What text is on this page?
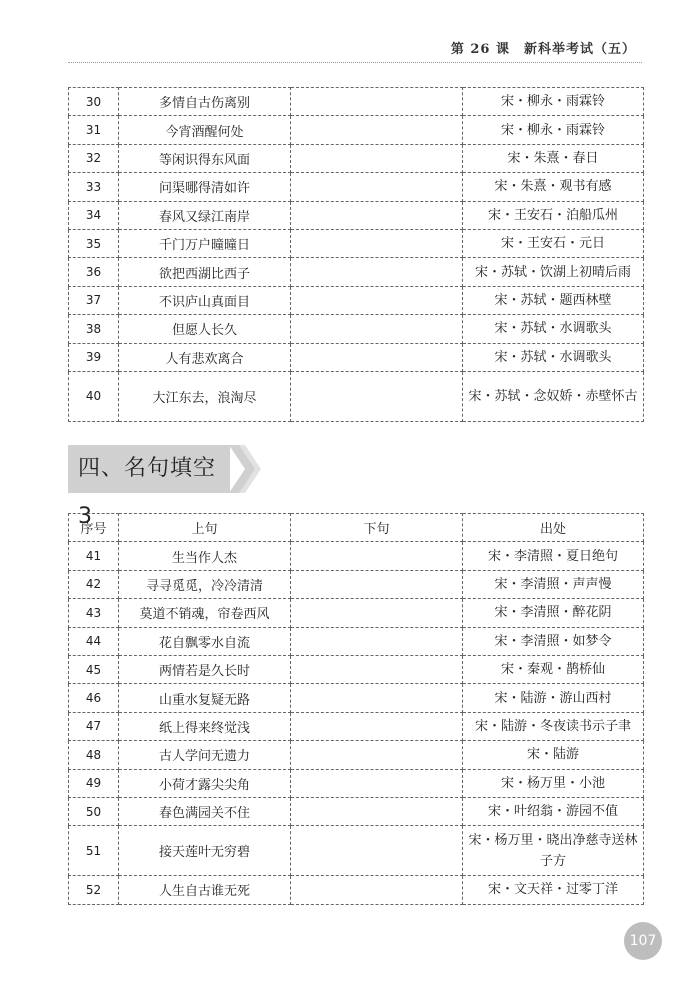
第 26 课　新科举考试（五）
30	多情自古伤离别		宋・柳永・雨霖铃
31	今宵酒醒何处		宋・柳永・雨霖铃
32	等闲识得东风面		宋・朱熹・春日
33	问渠哪得清如许		宋・朱熹・观书有感
34	春风又绿江南岸		宋・王安石・泊船瓜州
35	千门万户曈曈日		宋・王安石・元日
36	欲把西湖比西子		宋・苏轼・饮湖上初晴后雨
37	不识庐山真面目		宋・苏轼・题西林壁
38	但愿人长久		宋・苏轼・水调歌头
39	人有悲欢离合		宋・苏轼・水调歌头
40	大江东去，浪淘尽		宋・苏轼・念奴娇・赤壁怀古
四、名句填空 3
序号	上句	下句	出处
41	生当作人杰		宋・李清照・夏日绝句
42	寻寻觅觅，冷冷清清		宋・李清照・声声慢
43	莫道不销魂，帘卷西风		宋・李清照・醉花阴
44	花自飘零水自流		宋・李清照・如梦令
45	两情若是久长时		宋・秦观・鹊桥仙
46	山重水复疑无路		宋・陆游・游山西村
47	纸上得来终觉浅		宋・陆游・冬夜读书示子聿
48	古人学问无遗力		宋・陆游
49	小荷才露尖尖角		宋・杨万里・小池
50	春色满园关不住		宋・叶绍翁・游园不值
51	接天莲叶无穷碧		宋・杨万里・晓出净慈寺送林子方
52	人生自古谁无死		宋・文天祥・过零丁洋
107
